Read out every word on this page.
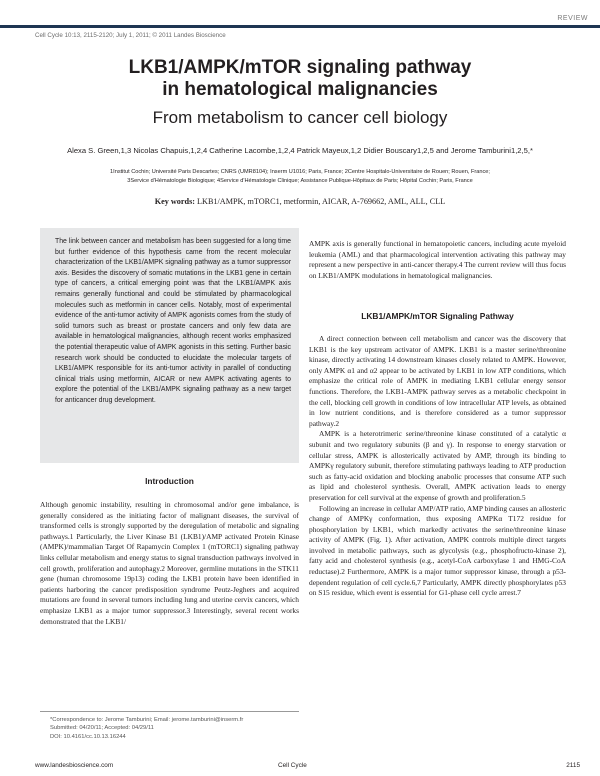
REVIEW
Cell Cycle 10:13, 2115-2120; July 1, 2011; © 2011 Landes Bioscience
LKB1/AMPK/mTOR signaling pathway
in hematological malignancies
From metabolism to cancer cell biology
Alexa S. Green,1,3 Nicolas Chapuis,1,2,4 Catherine Lacombe,1,2,4 Patrick Mayeux,1,2 Didier Bouscary1,2,5 and Jerome Tamburini1,2,5,*
1Institut Cochin; Université Paris Descartes; CNRS (UMR8104); Inserm U1016; Paris, France; 2Centre Hospitalo-Universitaire de Rouen; Rouen, France;
3Service d'Hématologie Biologique; 4Service d'Hématologie Clinique; Assistance Publique-Hôpitaux de Paris; Hôpital Cochin; Paris, France
Key words: LKB1/AMPK, mTORC1, metformin, AICAR, A-769662, AML, ALL, CLL
The link between cancer and metabolism has been suggested for a long time but further evidence of this hypothesis came from the recent molecular characterization of the LKB1/AMPK signaling pathway as a tumor suppressor axis. Besides the discovery of somatic mutations in the LKB1 gene in certain type of cancers, a critical emerging point was that the LKB1/AMPK axis remains generally functional and could be stimulated by pharmacological molecules such as metformin in cancer cells. Notably, most of experimental evidence of the anti-tumor activity of AMPK agonists comes from the study of solid tumors such as breast or prostate cancers and only few data are available in hematological malignancies, although recent works emphasized the potential therapeutic value of AMPK agonists in this setting. Further basic research work should be conducted to elucidate the molecular targets of LKB1/AMPK responsible for its anti-tumor activity in parallel of conducting clinical trials using metformin, AICAR or new AMPK activating agents to explore the potential of the LKB1/AMPK signaling pathway as a new target for anticancer drug development.
Introduction

Although genomic instability, resulting in chromosomal and/or gene imbalance, is generally considered as the initiating factor of malignant diseases, the survival of transformed cells is strongly supported by the deregulation of metabolic and signaling pathways.1 Particularly, the Liver Kinase B1 (LKB1)/AMP activated Protein Kinase (AMPK)/mammalian Target Of Rapamycin Complex 1 (mTORC1) signaling pathway links cellular metabolism and energy status to signal transduction pathways involved in cell growth, proliferation and autophagy.2 Moreover, germline mutations in the STK11 gene (human chromosome 19p13) coding the LKB1 protein have been identified in patients harboring the cancer predisposition syndrome Peutz-Jeghers and acquired mutations are found in several tumors including lung and uterine cervix cancers, which emphasize LKB1 as a major tumor suppressor.3 Interestingly, several recent works demonstrated that the LKB1/

AMPK axis is generally functional in hematopoietic cancers, including acute myeloid leukemia (AML) and that pharmacological intervention activating this pathway may represent a new perspective in anti-cancer therapy.4 The current review will thus focus on LKB1/AMPK modulations in hematological malignancies.

LKB1/AMPK/mTOR Signaling Pathway

A direct connection between cell metabolism and cancer was the discovery that LKB1 is the key upstream activator of AMPK. LKB1 is a master serine/threonine kinase, directly activating 14 downstream kinases closely related to AMPK. However, only AMPK α1 and α2 appear to be activated by LKB1 in low ATP conditions, which emphasize the critical role of AMPK in mediating LKB1 cellular energy sensor functions. Therefore, the LKB1-AMPK pathway serves as a metabolic checkpoint in the cell, blocking cell growth in conditions of low intracellular ATP levels, as obtained in low nutrient conditions, and is therefore considered as a tumor suppressor pathway.2

AMPK is a heterotrimeric serine/threonine kinase constituted of a catalytic α subunit and two regulatory subunits (β and γ). In response to energy starvation or cellular stress, AMPK is allosterically activated by AMP, through its binding to AMPKγ regulatory subunit, therefore stimulating pathways leading to ATP production such as fatty-acid oxidation and blocking anabolic processes that consume ATP such as lipid and cholesterol synthesis. Overall, AMPK activation leads to energy preservation for cell survival at the expense of growth and proliferation.5

Following an increase in cellular AMP/ATP ratio, AMP binding causes an allosteric change of AMPKγ conformation, thus exposing AMPKα T172 residue for phosphorylation by LKB1, which markedly activates the serine/threonine kinase activity of AMPK (Fig. 1). After activation, AMPK controls multiple direct targets involved in metabolic pathways, such as glycolysis (e.g., phosphofructo-kinase 2), fatty acid and cholesterol synthesis (e.g., acetyl-CoA carboxylase 1 and HMG-CoA reductase).2 Furthermore, AMPK is a major tumor suppressor kinase, through a p53-dependent regulation of cell cycle.6,7 Particularly, AMPK directly phosphorylates p53 on S15 residue, which event is essential for G1-phase cell cycle arrest.7

*Correspondence to: Jerome Tamburini; Email: jerome.tamburini@inserm.fr
Submitted: 04/20/11; Accepted: 04/29/11
DOI: 10.4161/cc.10.13.16244
www.landesbioscience.com	Cell Cycle	2115
